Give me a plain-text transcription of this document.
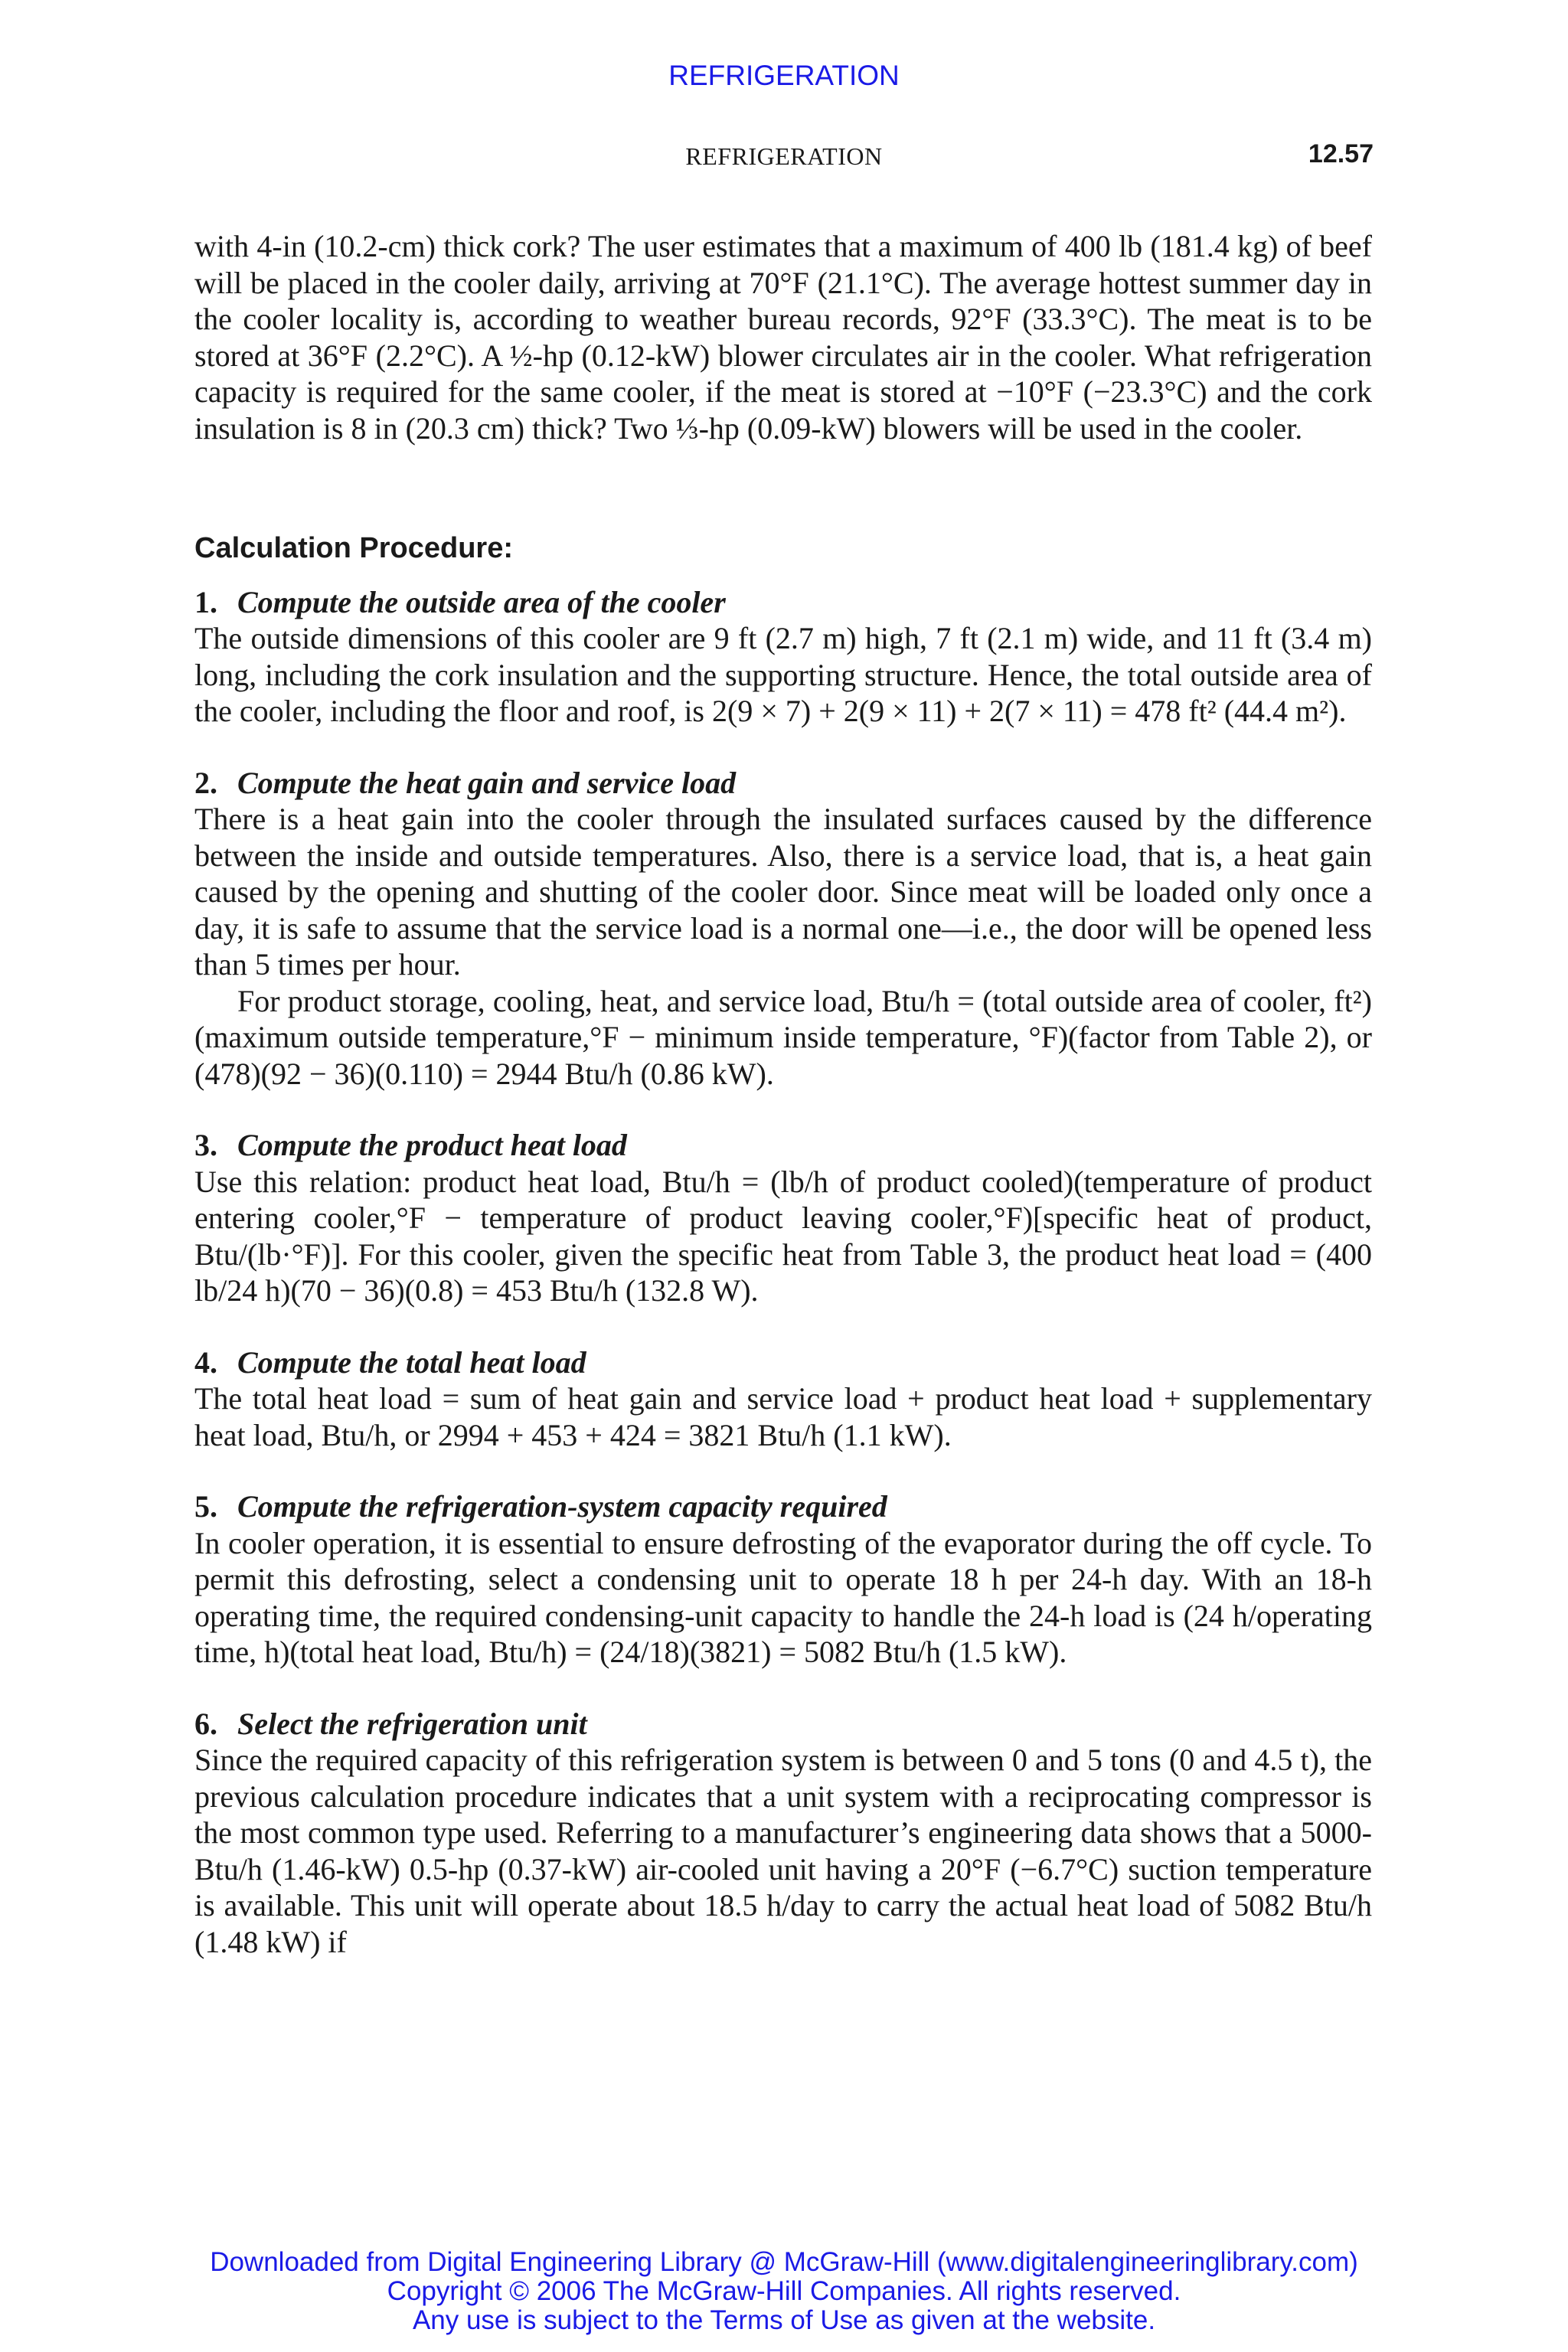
REFRIGERATION
REFRIGERATION	12.57

with 4-in (10.2-cm) thick cork? The user estimates that a maximum of 400 lb (181.4 kg) of beef will be placed in the cooler daily, arriving at 70°F (21.1°C). The average hottest summer day in the cooler locality is, according to weather bureau records, 92°F (33.3°C). The meat is to be stored at 36°F (2.2°C). A ½-hp (0.12-kW) blower circulates air in the cooler. What refrigeration capacity is required for the same cooler, if the meat is stored at −10°F (−23.3°C) and the cork insulation is 8 in (20.3 cm) thick? Two ⅓-hp (0.09-kW) blowers will be used in the cooler.

Calculation Procedure:
1. Compute the outside area of the cooler

The outside dimensions of this cooler are 9 ft (2.7 m) high, 7 ft (2.1 m) wide, and 11 ft (3.4 m) long, including the cork insulation and the supporting structure. Hence, the total outside area of the cooler, including the floor and roof, is 2(9 × 7) + 2(9 × 11) + 2(7 × 11) = 478 ft² (44.4 m²).

2. Compute the heat gain and service load

There is a heat gain into the cooler through the insulated surfaces caused by the difference between the inside and outside temperatures. Also, there is a service load, that is, a heat gain caused by the opening and shutting of the cooler door. Since meat will be loaded only once a day, it is safe to assume that the service load is a normal one—i.e., the door will be opened less than 5 times per hour.

For product storage, cooling, heat, and service load, Btu/h = (total outside area of cooler, ft²)(maximum outside temperature,°F − minimum inside temperature, °F)(factor from Table 2), or (478)(92 − 36)(0.110) = 2944 Btu/h (0.86 kW).

3. Compute the product heat load

Use this relation: product heat load, Btu/h = (lb/h of product cooled)(temperature of product entering cooler,°F − temperature of product leaving cooler,°F)[specific heat of product, Btu/(lb·°F)]. For this cooler, given the specific heat from Table 3, the product heat load = (400 lb/24 h)(70 − 36)(0.8) = 453 Btu/h (132.8 W).

4. Compute the total heat load

The total heat load = sum of heat gain and service load + product heat load + supplementary heat load, Btu/h, or 2994 + 453 + 424 = 3821 Btu/h (1.1 kW).

5. Compute the refrigeration-system capacity required

In cooler operation, it is essential to ensure defrosting of the evaporator during the off cycle. To permit this defrosting, select a condensing unit to operate 18 h per 24-h day. With an 18-h operating time, the required condensing-unit capacity to handle the 24-h load is (24 h/operating time, h)(total heat load, Btu/h) = (24/18)(3821) = 5082 Btu/h (1.5 kW).

6. Select the refrigeration unit

Since the required capacity of this refrigeration system is between 0 and 5 tons (0 and 4.5 t), the previous calculation procedure indicates that a unit system with a reciprocating compressor is the most common type used. Referring to a manufacturer’s engineering data shows that a 5000-Btu/h (1.46-kW) 0.5-hp (0.37-kW) air-cooled unit having a 20°F (−6.7°C) suction temperature is available. This unit will operate about 18.5 h/day to carry the actual heat load of 5082 Btu/h (1.48 kW) if

Downloaded from Digital Engineering Library @ McGraw-Hill (www.digitalengineeringlibrary.com)
Copyright © 2006 The McGraw-Hill Companies. All rights reserved.
Any use is subject to the Terms of Use as given at the website.
